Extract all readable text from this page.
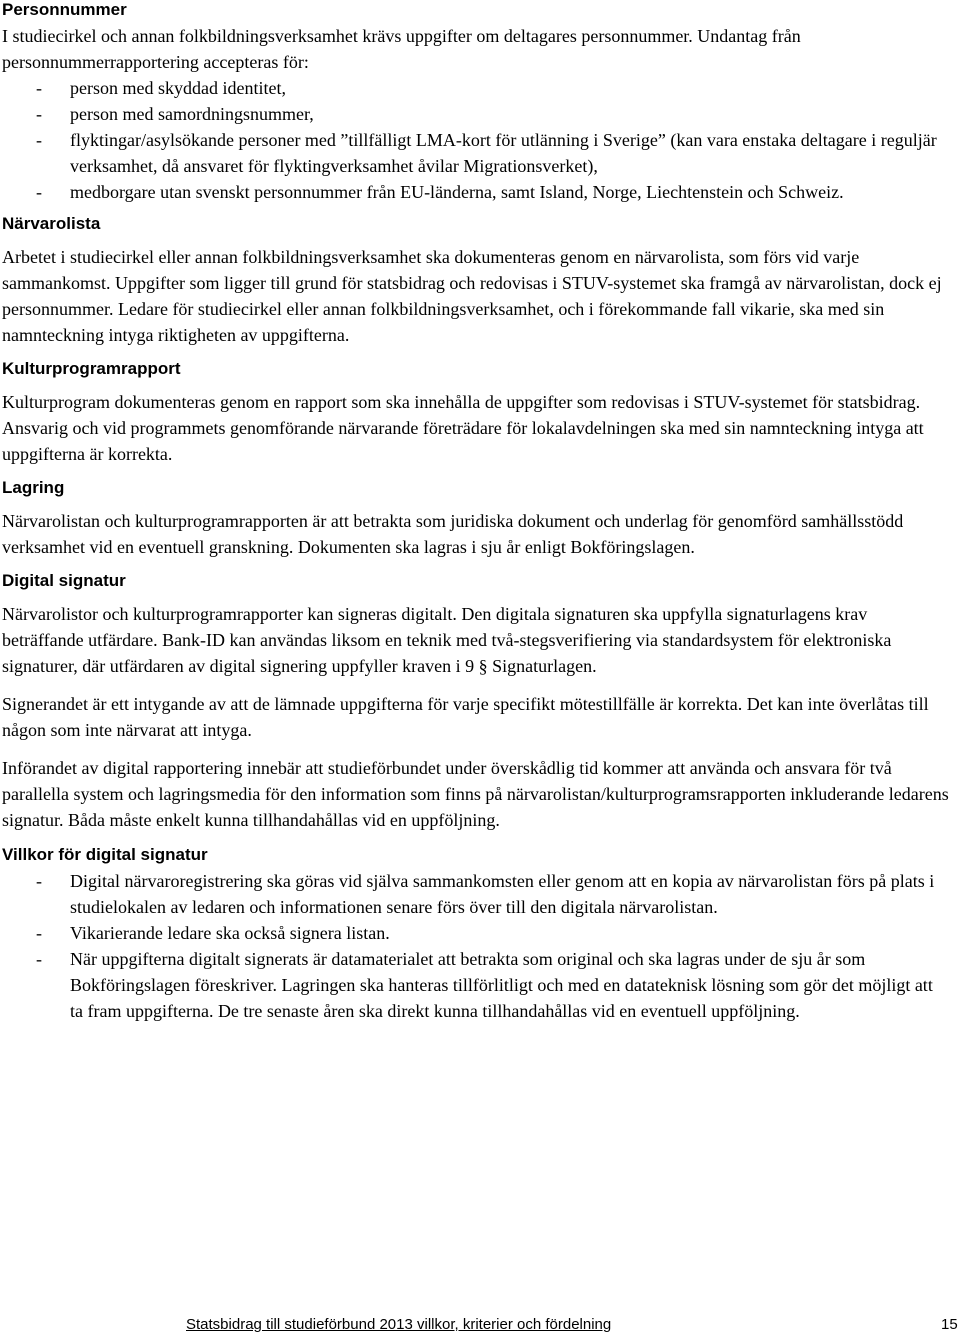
Personnummer

I studiecirkel och annan folkbildningsverksamhet krävs uppgifter om deltagares personnummer. Undantag från personnummerrapportering accepteras för:

- person med skyddad identitet,
- person med samordningsnummer,
- flyktingar/asylsökande personer med ”tillfälligt LMA-kort för utlänning i Sverige” (kan vara enstaka deltagare i reguljär verksamhet, då ansvaret för flyktingverksamhet åvilar Migrationsverket),
- medborgare utan svenskt personnummer från EU-länderna, samt Island, Norge, Liechtenstein och Schweiz.
Närvarolista

Arbetet i studiecirkel eller annan folkbildningsverksamhet ska dokumenteras genom en närvarolista, som förs vid varje sammankomst. Uppgifter som ligger till grund för statsbidrag och redovisas i STUV-systemet ska framgå av närvarolistan, dock ej personnummer. Ledare för studiecirkel eller annan folkbildningsverksamhet, och i förekommande fall vikarie, ska med sin namnteckning intyga riktigheten av uppgifterna.

Kulturprogramrapport

Kulturprogram dokumenteras genom en rapport som ska innehålla de uppgifter som redovisas i STUV-systemet för statsbidrag. Ansvarig och vid programmets genomförande närvarande företrädare för lokalavdelningen ska med sin namnteckning intyga att uppgifterna är korrekta.

Lagring

Närvarolistan och kulturprogramrapporten är att betrakta som juridiska dokument och underlag för genomförd samhällsstödd verksamhet vid en eventuell granskning. Dokumenten ska lagras i sju år enligt Bokföringslagen.

Digital signatur

Närvarolistor och kulturprogramrapporter kan signeras digitalt. Den digitala signaturen ska uppfylla signaturlagens krav beträffande utfärdare. Bank-ID kan användas liksom en teknik med två-stegsverifiering via standardsystem för elektroniska signaturer, där utfärdaren av digital signering uppfyller kraven i 9 § Signaturlagen.

Signerandet är ett intygande av att de lämnade uppgifterna för varje specifikt mötestillfälle är korrekta. Det kan inte överlåtas till någon som inte närvarat att intyga.

Införandet av digital rapportering innebär att studieförbundet under överskådlig tid kommer att använda och ansvara för två parallella system och lagringsmedia för den information som finns på närvarolistan/kulturprogramsrapporten inkluderande ledarens signatur. Båda måste enkelt kunna tillhandahållas vid en uppföljning.

Villkor för digital signatur
- Digital närvaroregistrering ska göras vid själva sammankomsten eller genom att en kopia av närvarolistan förs på plats i studielokalen av ledaren och informationen senare förs över till den digitala närvarolistan.
- Vikarierande ledare ska också signera listan.
- När uppgifterna digitalt signerats är datamaterialet att betrakta som original och ska lagras under de sju år som Bokföringslagen föreskriver. Lagringen ska hanteras tillförlitligt och med en datateknisk lösning som gör det möjligt att ta fram uppgifterna. De tre senaste åren ska direkt kunna tillhandahållas vid en eventuell uppföljning.
Statsbidrag till studieförbund 2013 villkor, kriterier och fördelning	15
